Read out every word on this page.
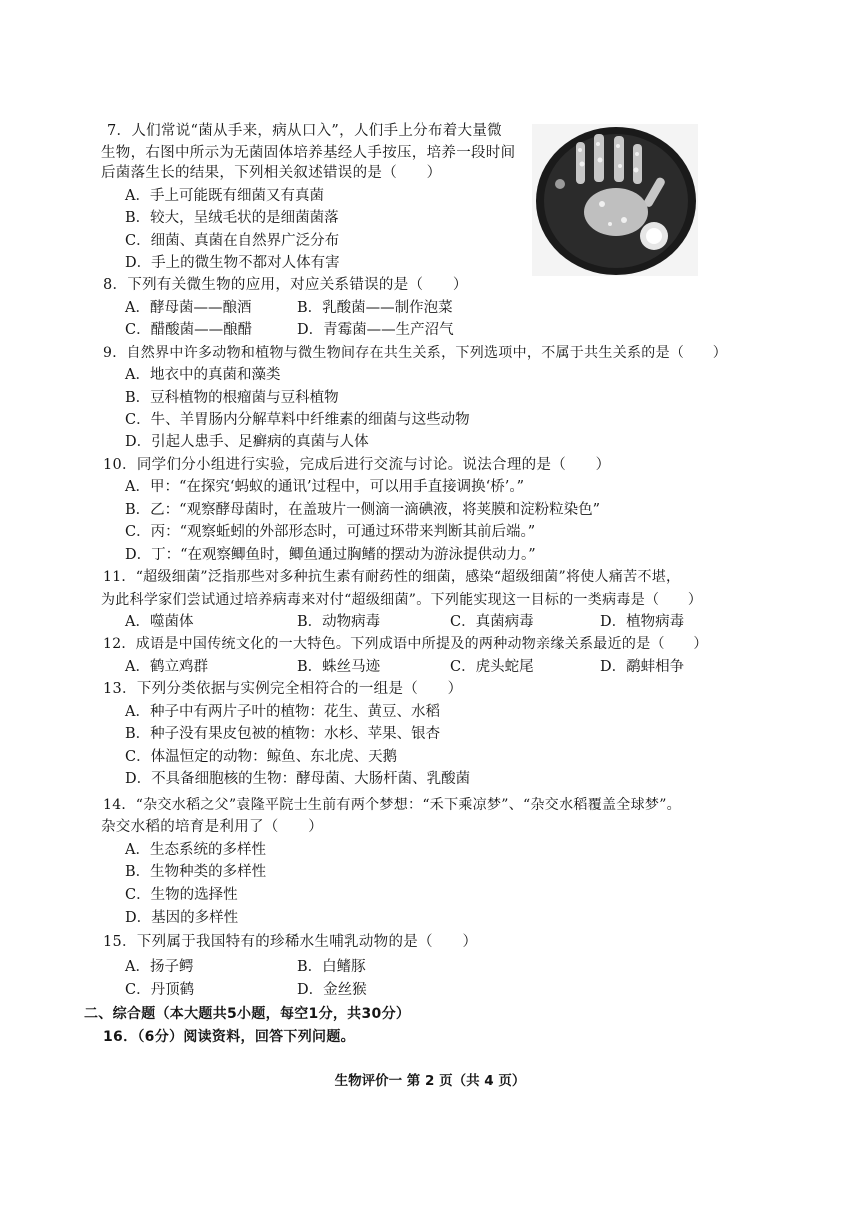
7．人们常说“菌从手来，病从口入”，人们手上分布着大量微
生物，右图中所示为无菌固体培养基经人手按压，培养一段时间
后菌落生长的结果，下列相关叙述错误的是（　　）
A．手上可能既有细菌又有真菌
B．较大，呈绒毛状的是细菌菌落
C．细菌、真菌在自然界广泛分布
D．手上的微生物不都对人体有害
8．下列有关微生物的应用，对应关系错误的是（　　）
A．酵母菌——酿酒	B．乳酸菌——制作泡菜
C．醋酸菌——酿醋	D．青霉菌——生产沼气
9．自然界中许多动物和植物与微生物间存在共生关系，下列选项中，不属于共生关系的是（　　）
A．地衣中的真菌和藻类
B．豆科植物的根瘤菌与豆科植物
C．牛、羊胃肠内分解草料中纤维素的细菌与这些动物
D．引起人患手、足癣病的真菌与人体
10．同学们分小组进行实验，完成后进行交流与讨论。说法合理的是（　　）
A．甲：“在探究‘蚂蚁的通讯’过程中，可以用手直接调换‘桥’。”
B．乙：“观察酵母菌时，在盖玻片一侧滴一滴碘液，将荚膜和淀粉粒染色”
C．丙：“观察蚯蚓的外部形态时，可通过环带来判断其前后端。”
D．丁：“在观察鲫鱼时，鲫鱼通过胸鳍的摆动为游泳提供动力。”
11．“超级细菌”泛指那些对多种抗生素有耐药性的细菌，感染“超级细菌”将使人痛苦不堪，
为此科学家们尝试通过培养病毒来对付“超级细菌”。下列能实现这一目标的一类病毒是（　　）
A．噬菌体	B．动物病毒	C．真菌病毒	D．植物病毒
12．成语是中国传统文化的一大特色。下列成语中所提及的两种动物亲缘关系最近的是（　　）
A．鹤立鸡群	B．蛛丝马迹	C．虎头蛇尾	D．鹬蚌相争
13．下列分类依据与实例完全相符合的一组是（　　）
A．种子中有两片子叶的植物：花生、黄豆、水稻
B．种子没有果皮包被的植物：水杉、苹果、银杏
C．体温恒定的动物：鲸鱼、东北虎、天鹅
D．不具备细胞核的生物：酵母菌、大肠杆菌、乳酸菌
14．“杂交水稻之父”袁隆平院士生前有两个梦想：“禾下乘凉梦”、“杂交水稻覆盖全球梦”。
杂交水稻的培育是利用了（　　）
A．生态系统的多样性
B．生物种类的多样性
C．生物的选择性
D．基因的多样性
15．下列属于我国特有的珍稀水生哺乳动物的是（　　）
A．扬子鳄	B．白鳍豚
C．丹顶鹤	D．金丝猴
二、综合题（本大题共5小题，每空1分，共30分）
16．（6分）阅读资料，回答下列问题。
生物评价一 第 2 页（共 4 页）
